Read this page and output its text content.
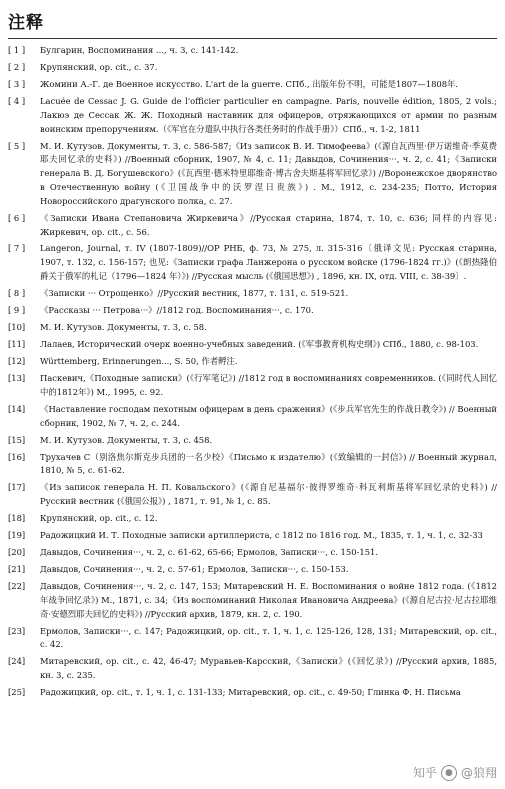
注释
[ 1 ]	Булгарин, Воспоминания ..., ч. 3, с. 141-142.
[ 2 ]	Крупянский, op. cit., с. 37.
[ 3 ]	Жомини А.-Г. де Военное искусство. L'art de la guerre. СПб., 出版年份不明，可能是1807—1808年.
[ 4 ]	Lacuée de Cessac J. G. Guide de l'officier particulier en campagne. Paris, nouvelle édition, 1805, 2 vols.; Лакюэ де Сессак Ж. Ж. Походный наставник для офицеров, отряжающихся от армии по разным воинским препоручениям.（《军官在分遣队中执行各类任务时的作战手册》）СПб., ч. 1-2, 1811
[ 5 ]	М. И. Кутузов. Документы, т. 3, с. 586-587;《Из записок В. И. Тимофеева》(《源自瓦西里·伊万诺维奇·季莫费耶夫回忆录的史料》) //Военный сборник, 1907, № 4, с. 11; Давыдов, Сочинения···, ч. 2, с. 41;《Записки генерала В. Д. Богушевского》(《瓦西里·德米特里耶维奇·博古舍夫斯基将军回忆录》) //Воронежское дворянство в Отечественную войну (《卫国战争中的沃罗涅日贵族》) . М., 1912, с. 234-235; Потто, История Новороссийского драгунского полка, с. 27.
[ 6 ]	《Записки Ивана Степановича Жиркевича》//Русская старина, 1874, т. 10, с. 636; 同样的内容见: Жиркевич, op. cit., с. 56.
[ 7 ]	Langeron, Journal, т. IV (1807-1809)//OP PHБ, ф. 73, № 275, л. 315-316〔俄译文见: Русская старина, 1907, т. 132, с. 156-157; 也见:《Записки графа Ланжерона о русском войске (1796-1824 гг.)》(《朗热隆伯爵关于俄军的札记（1796—1824 年）》) //Русская мысль (《俄国思想》) , 1896, кн. IX, отд. VIII, с. 38-39〕.
[ 8 ]	《Записки ··· Отрощенко》//Русский вестник, 1877, т. 131, с. 519-521.
[ 9 ]	《Рассказы ··· Петрова···》//1812 год. Воспоминания···, с. 170.
[10]	М. И. Кутузов. Документы, т. 3, с. 58.
[11]	Лалаев, Исторический очерк военно-учебных заведений. (《军事教育机构史纲》) СПб., 1880, с. 98-103.
[12]	Württemberg, Erinnerungen..., S. 50, 作者孵注.
[13]	Паскевич,《Походные записки》(《行军笔记》) //1812 год в воспоминаниях современников. (《同时代人回忆中的1812年》) М., 1995, с. 92.
[14]	《Наставление господам пехотным офицерам в день сражения》(《步兵军官先生的作战日教令》) // Военный сборник, 1902, № 7, ч. 2, с. 244.
[15]	М. И. Кутузов. Документы, т. 3, с. 458.
[16]	Трухачев С（别洛焦尔斯克步兵团的一名少校）《Письмо к издателю》(《致编辑的一封信》) // Военный журнал, 1810, № 5, с. 61-62.
[17]	《Из записок генерала Н. П. Ковальского》(《源自尼基福尔·彼得罗维奇·科瓦利斯基将军回忆录的史料》) //Русский вестник (《俄国公报》) , 1871, т. 91, № 1, с. 85.
[18]	Крупянский, op. cit., с. 12.
[19]	Радожицкий И. Т. Походные записки артиллериста, с 1812 по 1816 год. М., 1835, т. 1, ч. 1, с. 32-33
[20]	Давыдов, Сочинения···, ч. 2, с. 61-62, 65-66; Ермолов, Записки···, с. 150-151.
[21]	Давыдов, Сочинения···, ч. 2, с. 57-61; Ермолов, Записки···, с. 150-153.
[22]	Давыдов, Сочинения···, ч. 2, с. 147, 153; Митаревский Н. Е. Воспоминания о войне 1812 года. (《1812年战争回忆录》) М., 1871, с. 34;《Из воспоминаний Николая Ивановича Андреева》(《源自尼古拉·尼古拉耶维奇·安德烈耶夫回忆的史料》) //Русский архив, 1879, кн. 2, с. 190.
[23]	Ермолов, Записки···, с. 147; Радожицкий, op. cit., т. 1, ч. 1, с. 125-126, 128, 131; Митаревский, op. cit., с. 42.
[24]	Митаревский, op. cit., с. 42, 46-47; Муравьев-Карсский,《Записки》(《回忆录》) //Русский архив, 1885, кн. 3, с. 235.
[25]	Радожицкий, op. cit., т. 1, ч. 1, с. 131-133; Митаревский, op. cit., с. 49-50; Глинка Ф. Н. Письма
知乎 ● @狼翔
